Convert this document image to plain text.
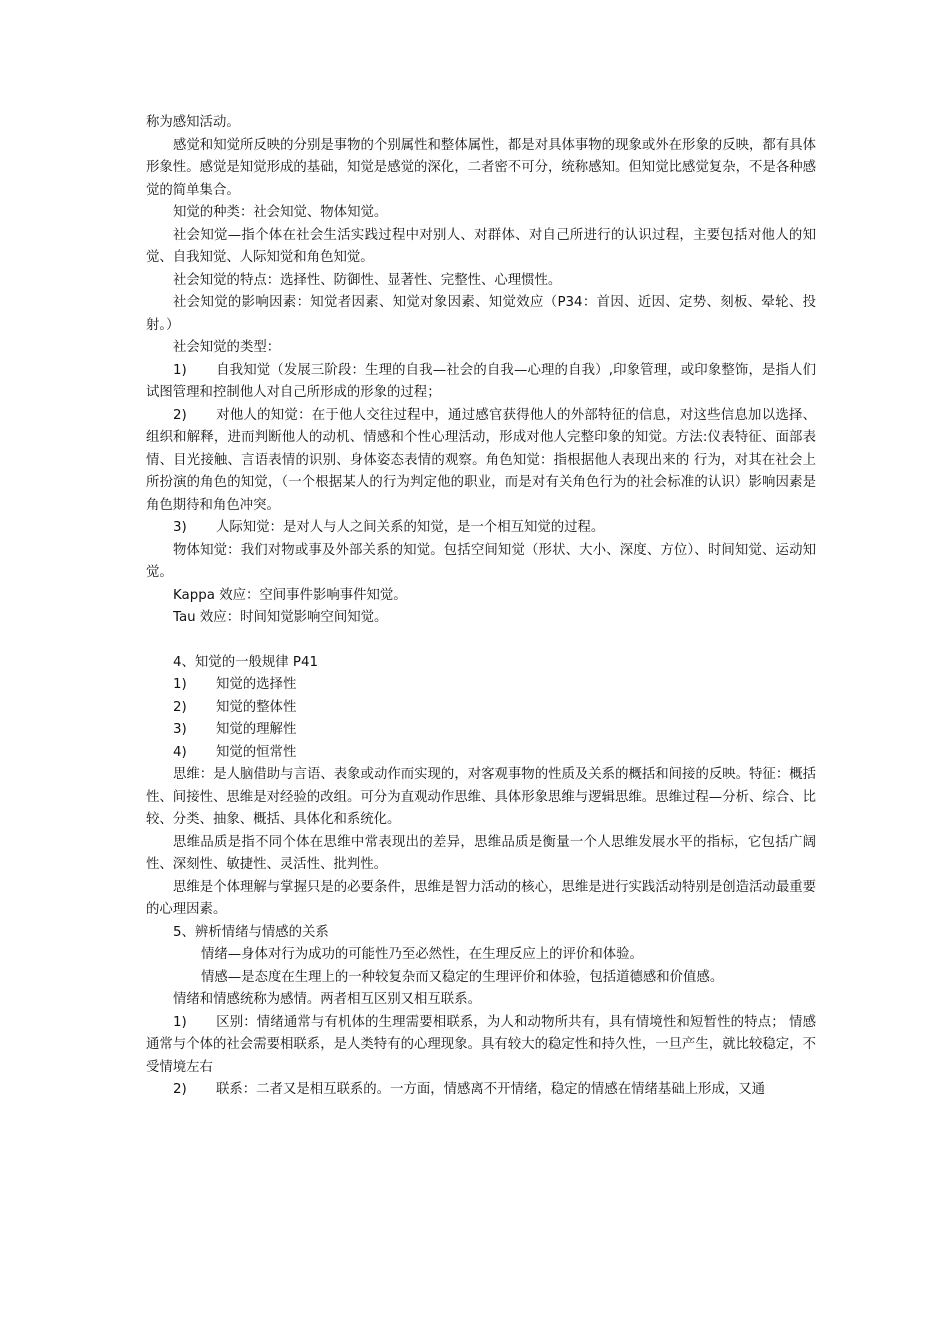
称为感知活动。

感觉和知觉所反映的分别是事物的个别属性和整体属性，都是对具体事物的现象或外在形象的反映，都有具体形象性。感觉是知觉形成的基础，知觉是感觉的深化，二者密不可分，统称感知。但知觉比感觉复杂，不是各种感觉的简单集合。

知觉的种类：社会知觉、物体知觉。

社会知觉—指个体在社会生活实践过程中对别人、对群体、对自己所进行的认识过程，主要包括对他人的知觉、自我知觉、人际知觉和角色知觉。

社会知觉的特点：选择性、防御性、显著性、完整性、心理惯性。

社会知觉的影响因素：知觉者因素、知觉对象因素、知觉效应（P34：首因、近因、定势、刻板、晕轮、投射。）

社会知觉的类型：

1) 自我知觉（发展三阶段：生理的自我—社会的自我—心理的自我）,印象管理，或印象整饰，是指人们试图管理和控制他人对自己所形成的形象的过程；

2) 对他人的知觉：在于他人交往过程中，通过感官获得他人的外部特征的信息，对这些信息加以选择、组织和解释，进而判断他人的动机、情感和个性心理活动，形成对他人完整印象的知觉。方法:仪表特征、面部表情、目光接触、言语表情的识别、身体姿态表情的观察。角色知觉：指根据他人表现出来的 行为，对其在社会上所扮演的角色的知觉，（一个根据某人的行为判定他的职业，而是对有关角色行为的社会标准的认识）影响因素是角色期待和角色冲突。

3) 人际知觉：是对人与人之间关系的知觉，是一个相互知觉的过程。

物体知觉：我们对物或事及外部关系的知觉。包括空间知觉（形状、大小、深度、方位）、时间知觉、运动知觉。

Kappa 效应：空间事件影响事件知觉。

Tau 效应：时间知觉影响空间知觉。

4、知觉的一般规律 P41

1) 知觉的选择性

2) 知觉的整体性

3) 知觉的理解性

4) 知觉的恒常性

思维：是人脑借助与言语、表象或动作而实现的，对客观事物的性质及关系的概括和间接的反映。特征：概括性、间接性、思维是对经验的改组。可分为直观动作思维、具体形象思维与逻辑思维。思维过程—分析、综合、比较、分类、抽象、概括、具体化和系统化。

思维品质是指不同个体在思维中常表现出的差异，思维品质是衡量一个人思维发展水平的指标，它包括广阔性、深刻性、敏捷性、灵活性、批判性。

思维是个体理解与掌握只是的必要条件，思维是智力活动的核心，思维是进行实践活动特别是创造活动最重要的心理因素。

5、辨析情绪与情感的关系

情绪—身体对行为成功的可能性乃至必然性，在生理反应上的评价和体验。

情感—是态度在生理上的一种较复杂而又稳定的生理评价和体验，包括道德感和价值感。

情绪和情感统称为感情。两者相互区别又相互联系。

1) 区别：情绪通常与有机体的生理需要相联系，为人和动物所共有，具有情境性和短暂性的特点； 情感通常与个体的社会需要相联系，是人类特有的心理现象。具有较大的稳定性和持久性，一旦产生，就比较稳定，不受情境左右

2) 联系：二者又是相互联系的。一方面，情感离不开情绪，稳定的情感在情绪基础上形成，又通
